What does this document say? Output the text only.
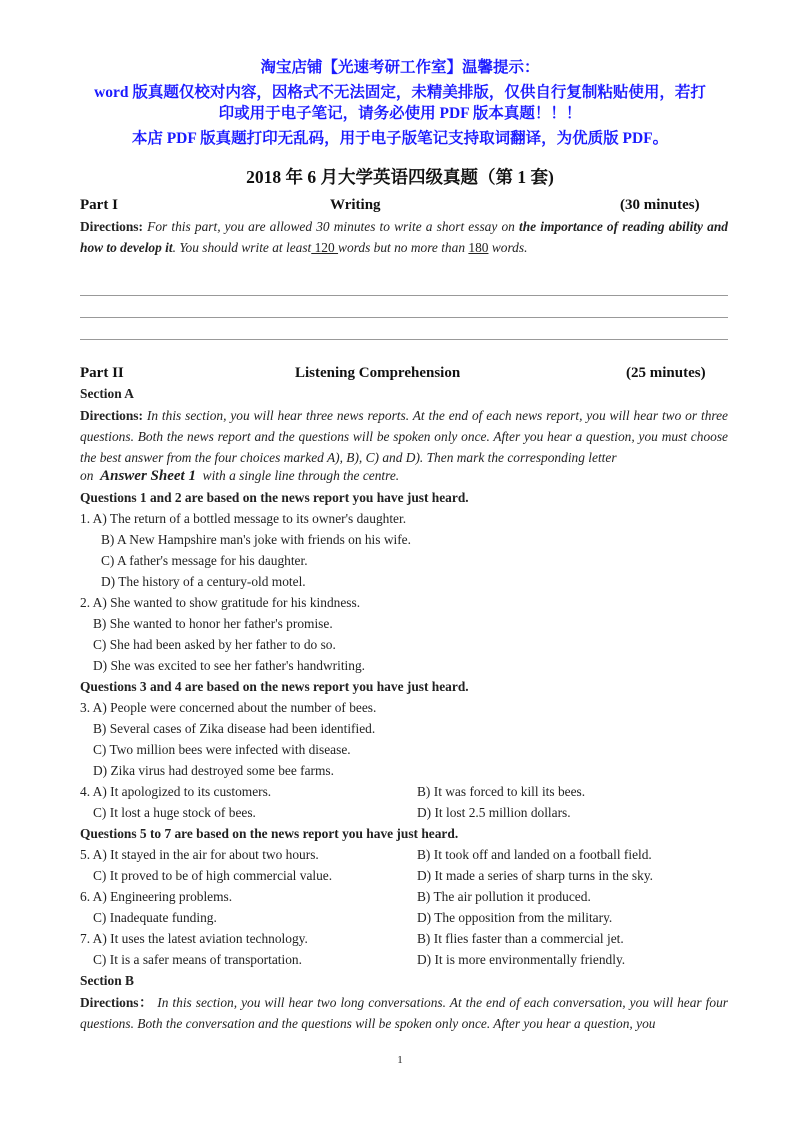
淘宝店铺【光速考研工作室】温馨提示：
word 版真题仅校对内容，因格式不无法固定，未精美排版，仅供自行复制粘贴使用，若打
印或用于电子笔记，请务必使用 PDF 版本真题！！！
本店 PDF 版真题打印无乱码，用于电子版笔记支持取词翻译，为优质版 PDF。
2018 年 6 月大学英语四级真题（第 1 套)
Part I	Writing	(30 minutes)
Directions: For this part, you are allowed 30 minutes to write a short essay on the importance of reading ability and how to develop it. You should write at least 120 words but no more than 180 words.
Part II	Listening Comprehension	(25 minutes)
Section A
Directions: In this section, you will hear three news reports. At the end of each news report, you will hear two or three questions. Both the news report and the questions will be spoken only once. After you hear a question, you must choose the best answer from the four choices marked A), B), C) and D). Then mark the corresponding letter
on Answer Sheet 1 with a single line through the centre.
Questions 1 and 2 are based on the news report you have just heard.
1. A) The return of a bottled message to its owner's daughter.
B) A New Hampshire man's joke with friends on his wife.
C) A father's message for his daughter.
D) The history of a century-old motel.
2. A) She wanted to show gratitude for his kindness.
B) She wanted to honor her father's promise.
C) She had been asked by her father to do so.
D) She was excited to see her father's handwriting.
Questions 3 and 4 are based on the news report you have just heard.
3. A) People were concerned about the number of bees.
B) Several cases of Zika disease had been identified.
C) Two million bees were infected with disease.
D) Zika virus had destroyed some bee farms.
4. A) It apologized to its customers.	B) It was forced to kill its bees.
C) It lost a huge stock of bees.	D) It lost 2.5 million dollars.
Questions 5 to 7 are based on the news report you have just heard.
5. A) It stayed in the air for about two hours.	B) It took off and landed on a football field.
C) It proved to be of high commercial value.	D) It made a series of sharp turns in the sky.
6. A) Engineering problems.	B) The air pollution it produced.
C) Inadequate funding.	D) The opposition from the military.
7. A) It uses the latest aviation technology.	B) It flies faster than a commercial jet.
C) It is a safer means of transportation.	D) It is more environmentally friendly.
Section B
Directions： In this section, you will hear two long conversations. At the end of each conversation, you will hear four questions. Both the conversation and the questions will be spoken only once. After you hear a question, you
1
